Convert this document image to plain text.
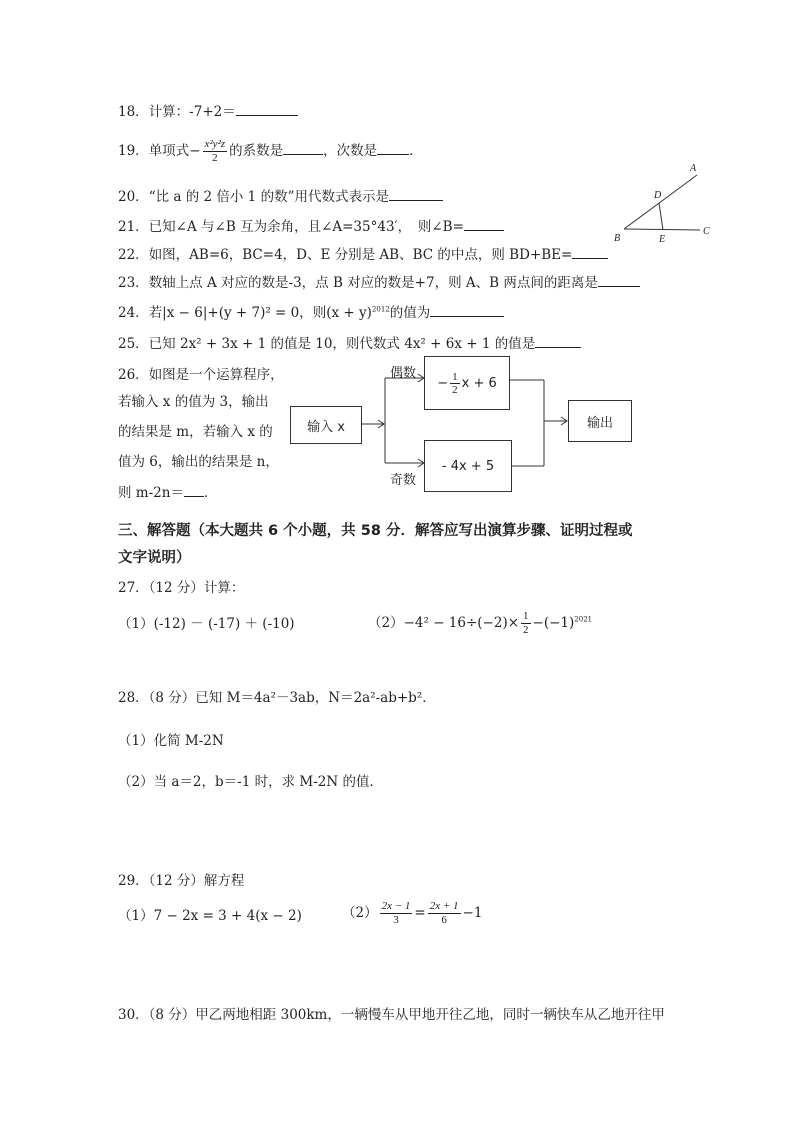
18．计算：-7+2＝
19．单项式− $\frac{\text{x²y²z}}{2}$ 的系数是	，次数是 ．
20．“比 a 的 2 倍小 1 的数”用代数式表示是
21．已知∠A 与∠B 互为余角，且∠A=35°43′，　则∠B=
A
D
B	E
C
22．如图，AB=6，BC=4，D、E 分别是 AB、BC 的中点，则 BD+BE=
23．数轴上点 A 对应的数是-3，点 B 对应的数是+7，则 A、B 两点间的距离是
24．若|x − 6|+(y + 7)² = 0，则$(x + y)^{2012}$的值为
25．已知 2x² + 3x + 1 的值是 10，则代数式 4x² + 6x + 1 的值是
26．如图是一个运算程序，
若输入 x 的值为 3，输出
的结果是 m，若输入 x 的
值为 6，输出的结果是 n，
则 m-2n＝ ．
输入 x
偶数
奇数
− $\frac{1}{2}$ x + 6
- 4x + 5
输出
三、解答题（本大题共 6 个小题，共 58 分．解答应写出演算步骤、证明过程或
文字说明）
27．（12 分）计算：
（1）(-12) － (-17) ＋ (-10)	$(2)-4^2 - 16\div(-2)\times \frac{1}{2} -(-1)^{2021}$
28．（8 分）已知 M＝4a²－3ab，N＝2a²-ab+b²．
（1）化简 M-2N
（2）当 a＝2，b＝-1 时，求 M-2N 的值．
29．（12 分）解方程
（1）7 − 2x = 3 + 4(x − 2)	$(2) \frac{2x - 1}{3} = \frac{2x + 1}{6} -1$
30．（8 分）甲乙两地相距 300km，一辆慢车从甲地开往乙地，同时一辆快车从乙地开往甲
